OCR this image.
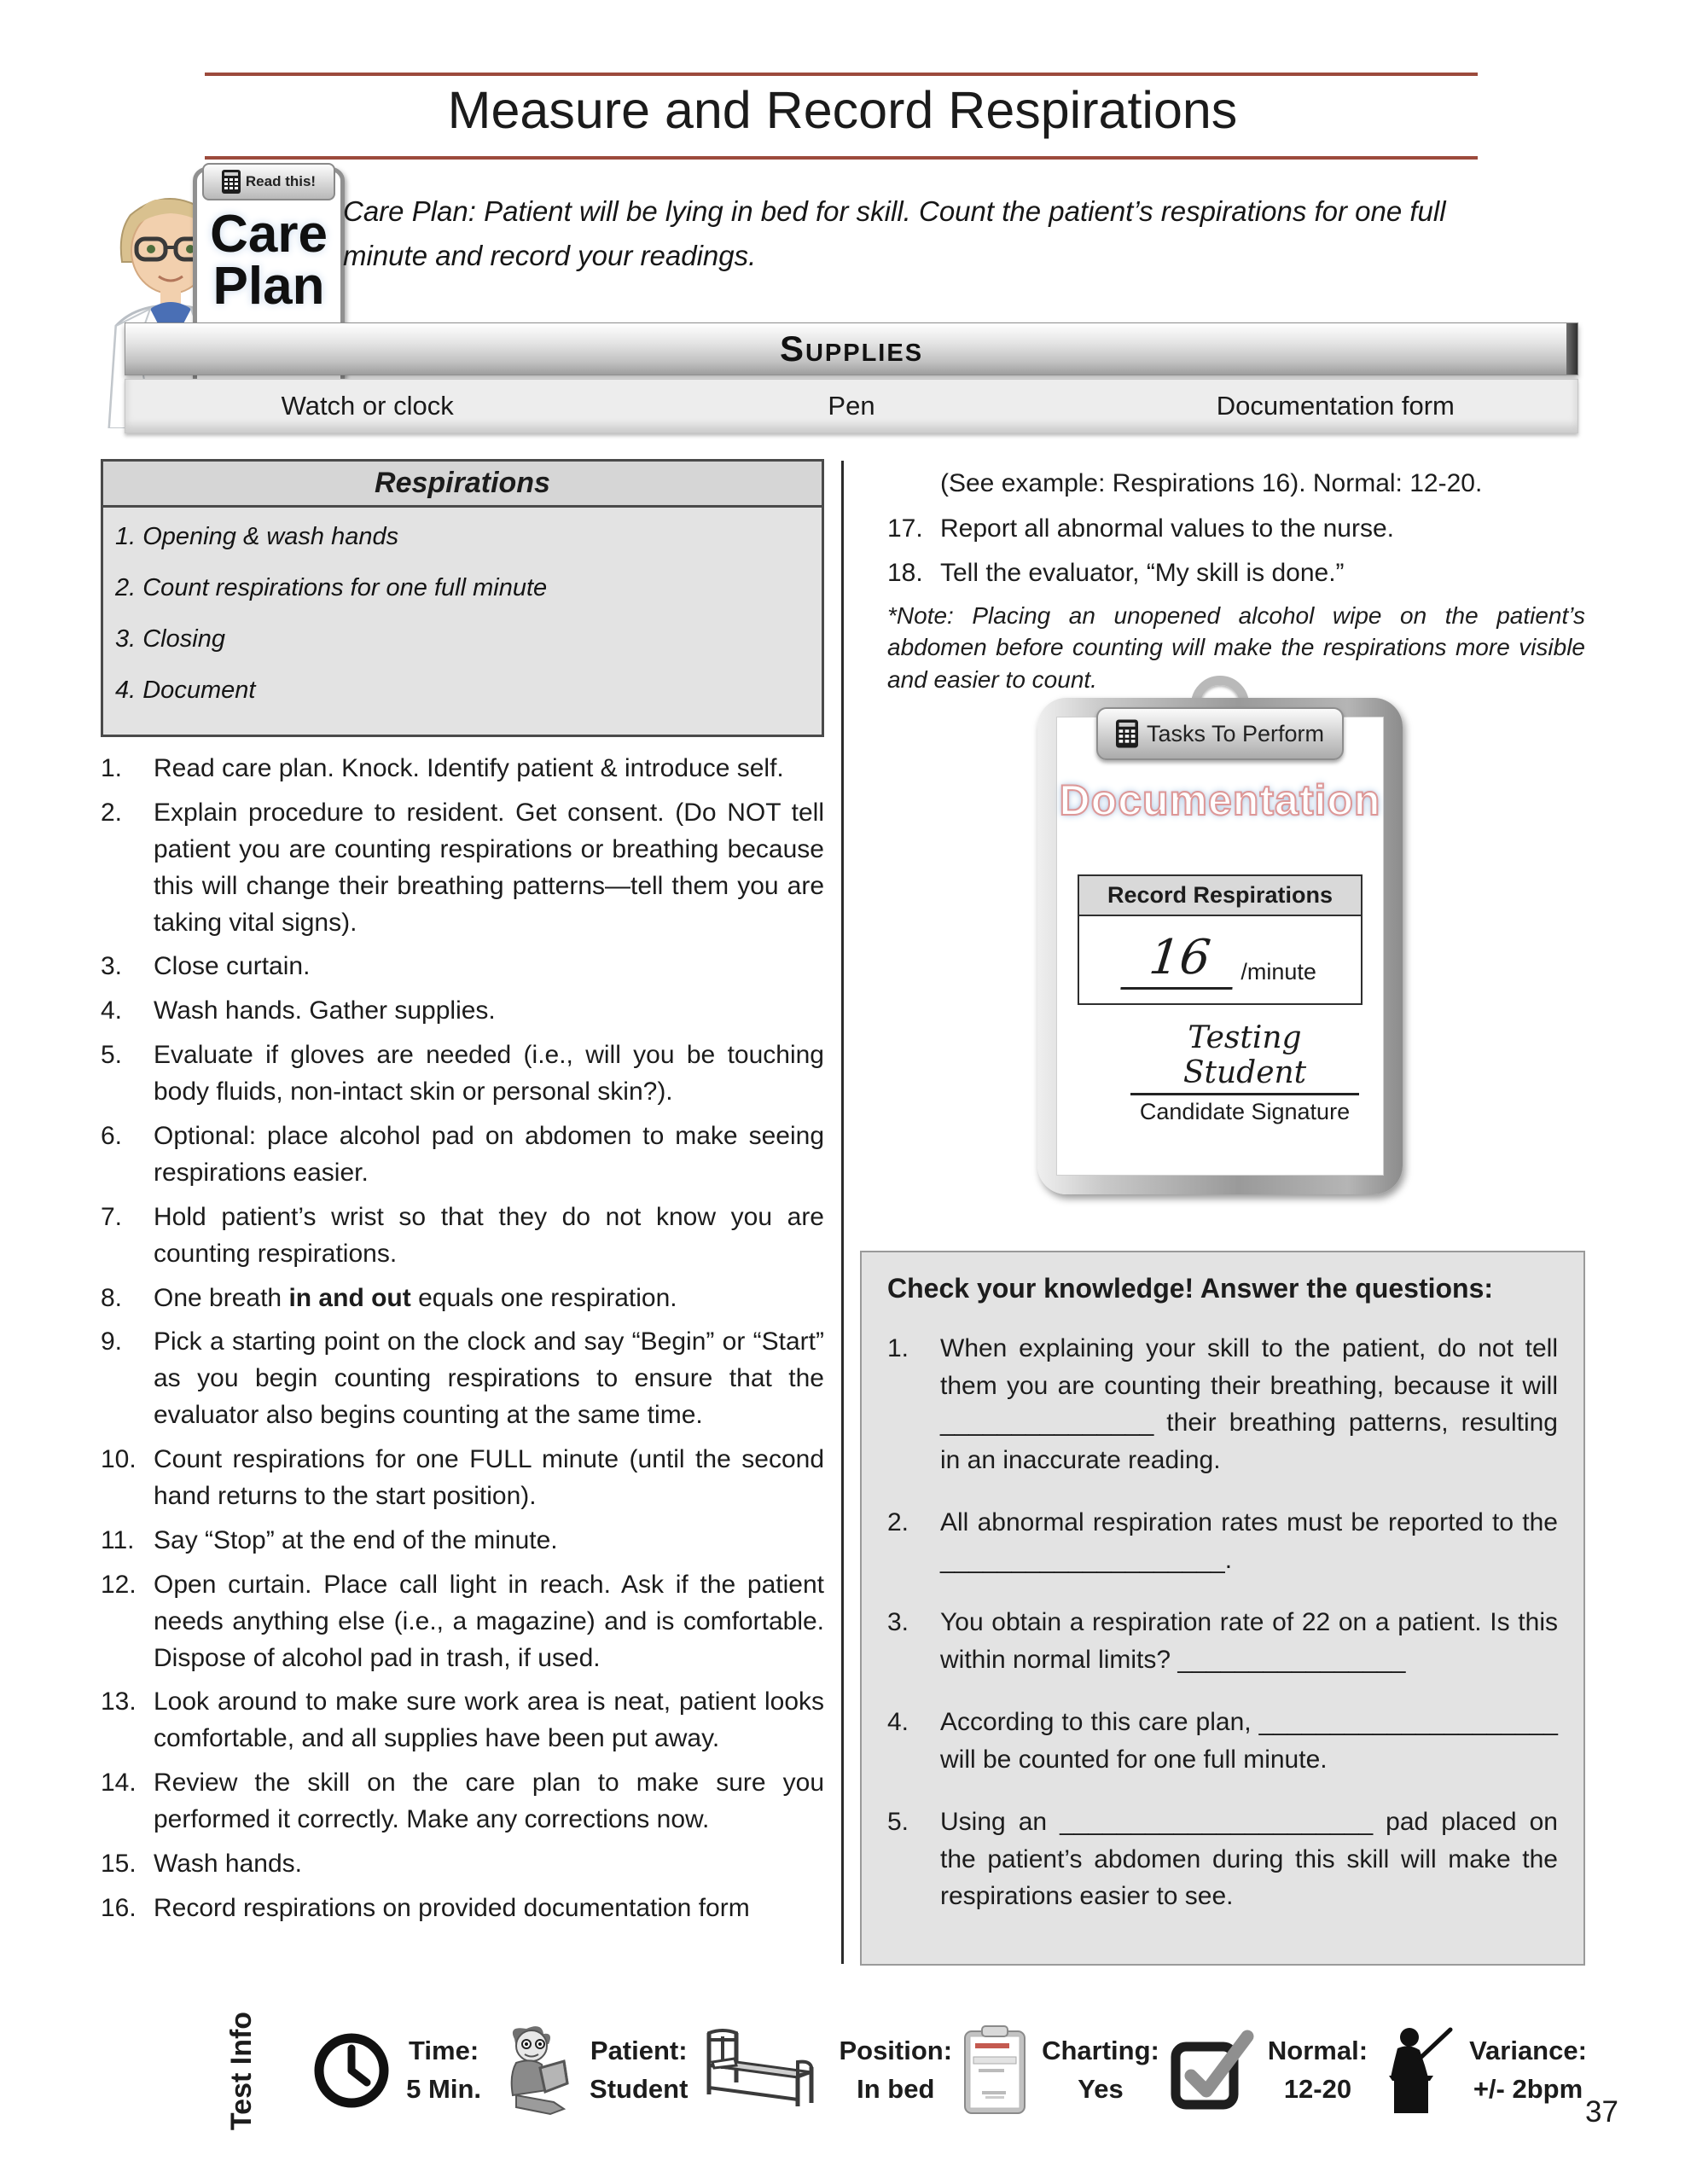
Measure and Record Respirations
Read this!
Care
Plan
Care Plan: Patient will be lying in bed for skill. Count the patient’s respirations for one full minute and record your readings.
Supplies
Watch or clock	Pen	Documentation form
Respirations
1. Opening & wash hands
2. Count respirations for one full minute
3. Closing
4. Document
1.	Read care plan. Knock. Identify patient & introduce self.
2.	Explain procedure to resident. Get consent. (Do NOT tell patient you are counting respirations or breathing because this will change their breathing patterns—tell them you are taking vital signs).
3.	Close curtain.
4.	Wash hands. Gather supplies.
5.	Evaluate if gloves are needed (i.e., will you be touching body fluids, non-intact skin or personal skin?).
6.	Optional: place alcohol pad on abdomen to make seeing respirations easier.
7.	Hold patient’s wrist so that they do not know you are counting respirations.
8.	One breath in and out equals one respiration.
9.	Pick a starting point on the clock and say “Begin” or “Start” as you begin counting respirations to ensure that the evaluator also begins counting at the same time.
10. Count respirations for one FULL minute (until the second hand returns to the start position).
11. Say “Stop” at the end of the minute.
12. Open curtain. Place call light in reach. Ask if the patient needs anything else (i.e., a magazine) and is comfortable. Dispose of alcohol pad in trash, if used.
13. Look around to make sure work area is neat, patient looks comfortable, and all supplies have been put away.
14. Review the skill on the care plan to make sure you performed it correctly. Make any corrections now.
15. Wash hands.
16. Record respirations on provided documentation form
(See example: Respirations 16). Normal: 12-20.
17. Report all abnormal values to the nurse.
18. Tell the evaluator, “My skill is done.”
*Note: Placing an unopened alcohol wipe on the patient’s abdomen before counting will make the respirations more visible and easier to count.
Tasks To Perform
Documentation
Record Respirations
16	/minute
Testing Student
Candidate Signature
Check your knowledge! Answer the questions:
1.	When explaining your skill to the patient, do not tell them you are counting their breathing, because it will _______________ their breathing patterns, resulting in an inaccurate reading.
2.	All abnormal respiration rates must be reported to the ____________________.
3.	You obtain a respiration rate of 22 on a patient. Is this within normal limits? ________________
4.	According to this care plan, _____________________ will be counted for one full minute.
5.	Using an ______________________ pad placed on the patient’s abdomen during this skill will make the respirations easier to see.
Test Info	Time:
5 Min.
Patient:
Student
Position:
In bed
Charting:
Yes
Normal:
12-20
Variance:
+/- 2bpm
37
